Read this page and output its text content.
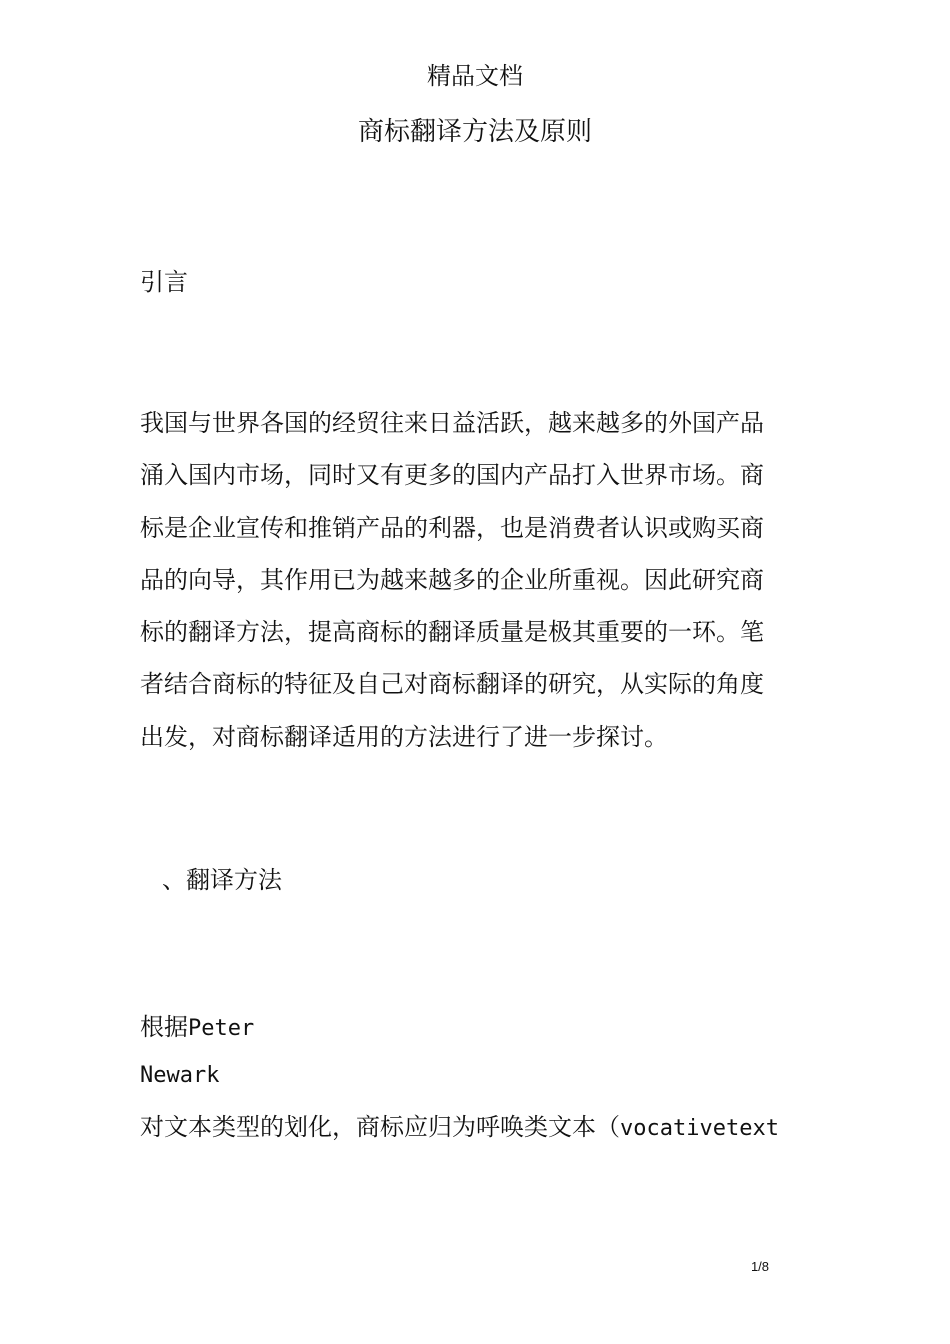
精品文档
商标翻译方法及原则
引言
我国与世界各国的经贸往来日益活跃，越来越多的外国产品
涌入国内市场，同时又有更多的国内产品打入世界市场。商
标是企业宣传和推销产品的利器，也是消费者认识或购买商
品的向导，其作用已为越来越多的企业所重视。因此研究商
标的翻译方法，提高商标的翻译质量是极其重要的一环。笔
者结合商标的特征及自己对商标翻译的研究，从实际的角度
出发，对商标翻译适用的方法进行了进一步探讨。
、翻译方法

根据Peter

Newark

对文本类型的划化，商标应归为呼唤类文本（vocativetext

1/8
